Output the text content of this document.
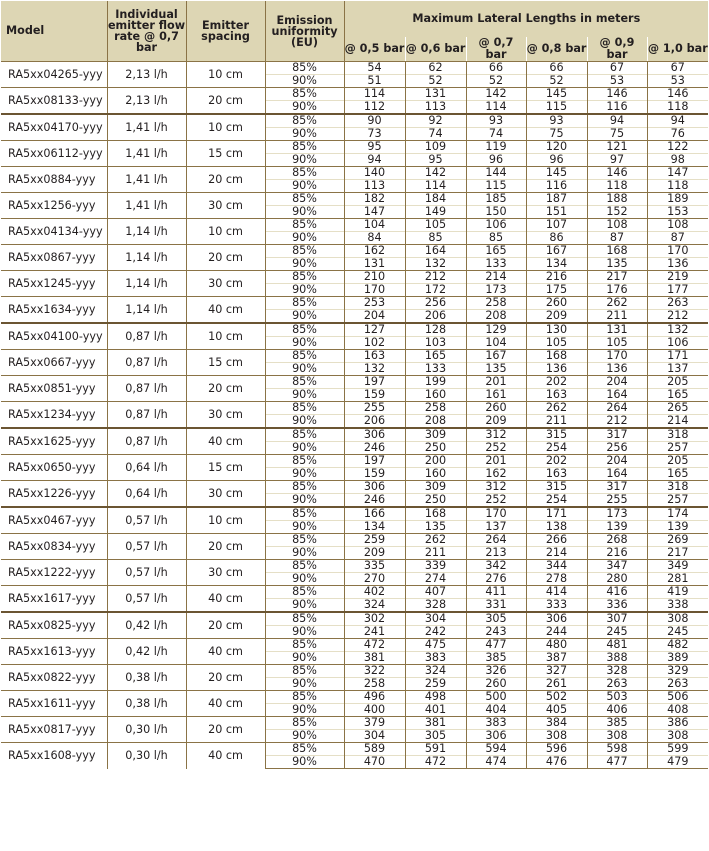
Model	Individual
emitter flow
rate @ 0,7 bar	Emitter
spacing	Emission
uniformity
(EU)	Maximum Lateral Lengths in meters					
				@ 0,5 bar	@ 0,6 bar	@ 0,7 bar	@ 0,8 bar	@ 0,9 bar	@ 1,0 bar
RA5xx04265-yyy	2,13 l/h	10 cm	85%	54	62	66	66	67	67
			90%	51	52	52	52	53	53
RA5xx08133-yyy	2,13 l/h	20 cm	85%	114	131	142	145	146	146
			90%	112	113	114	115	116	118
RA5xx04170-yyy	1,41 l/h	10 cm	85%	90	92	93	93	94	94
			90%	73	74	74	75	75	76
RA5xx06112-yyy	1,41 l/h	15 cm	85%	95	109	119	120	121	122
			90%	94	95	96	96	97	98
RA5xx0884-yyy	1,41 l/h	20 cm	85%	140	142	144	145	146	147
			90%	113	114	115	116	118	118
RA5xx1256-yyy	1,41 l/h	30 cm	85%	182	184	185	187	188	189
			90%	147	149	150	151	152	153
RA5xx04134-yyy	1,14 l/h	10 cm	85%	104	105	106	107	108	108
			90%	84	85	85	86	87	87
RA5xx0867-yyy	1,14 l/h	20 cm	85%	162	164	165	167	168	170
			90%	131	132	133	134	135	136
RA5xx1245-yyy	1,14 l/h	30 cm	85%	210	212	214	216	217	219
			90%	170	172	173	175	176	177
RA5xx1634-yyy	1,14 l/h	40 cm	85%	253	256	258	260	262	263
			90%	204	206	208	209	211	212
RA5xx04100-yyy	0,87 l/h	10 cm	85%	127	128	129	130	131	132
			90%	102	103	104	105	105	106
RA5xx0667-yyy	0,87 l/h	15 cm	85%	163	165	167	168	170	171
			90%	132	133	135	136	136	137
RA5xx0851-yyy	0,87 l/h	20 cm	85%	197	199	201	202	204	205
			90%	159	160	161	163	164	165
RA5xx1234-yyy	0,87 l/h	30 cm	85%	255	258	260	262	264	265
			90%	206	208	209	211	212	214
RA5xx1625-yyy	0,87 l/h	40 cm	85%	306	309	312	315	317	318
			90%	246	250	252	254	256	257
RA5xx0650-yyy	0,64 l/h	15 cm	85%	197	200	201	202	204	205
			90%	159	160	162	163	164	165
RA5xx1226-yyy	0,64 l/h	30 cm	85%	306	309	312	315	317	318
			90%	246	250	252	254	255	257
RA5xx0467-yyy	0,57 l/h	10 cm	85%	166	168	170	171	173	174
			90%	134	135	137	138	139	139
RA5xx0834-yyy	0,57 l/h	20 cm	85%	259	262	264	266	268	269
			90%	209	211	213	214	216	217
RA5xx1222-yyy	0,57 l/h	30 cm	85%	335	339	342	344	347	349
			90%	270	274	276	278	280	281
RA5xx1617-yyy	0,57 l/h	40 cm	85%	402	407	411	414	416	419
			90%	324	328	331	333	336	338
RA5xx0825-yyy	0,42 l/h	20 cm	85%	302	304	305	306	307	308
			90%	241	242	243	244	245	245
RA5xx1613-yyy	0,42 l/h	40 cm	85%	472	475	477	480	481	482
			90%	381	383	385	387	388	389
RA5xx0822-yyy	0,38 l/h	20 cm	85%	322	324	326	327	328	329
			90%	258	259	260	261	263	263
RA5xx1611-yyy	0,38 l/h	40 cm	85%	496	498	500	502	503	506
			90%	400	401	404	405	406	408
RA5xx0817-yyy	0,30 l/h	20 cm	85%	379	381	383	384	385	386
			90%	304	305	306	308	308	308
RA5xx1608-yyy	0,30 l/h	40 cm	85%	589	591	594	596	598	599
			90%	470	472	474	476	477	479
